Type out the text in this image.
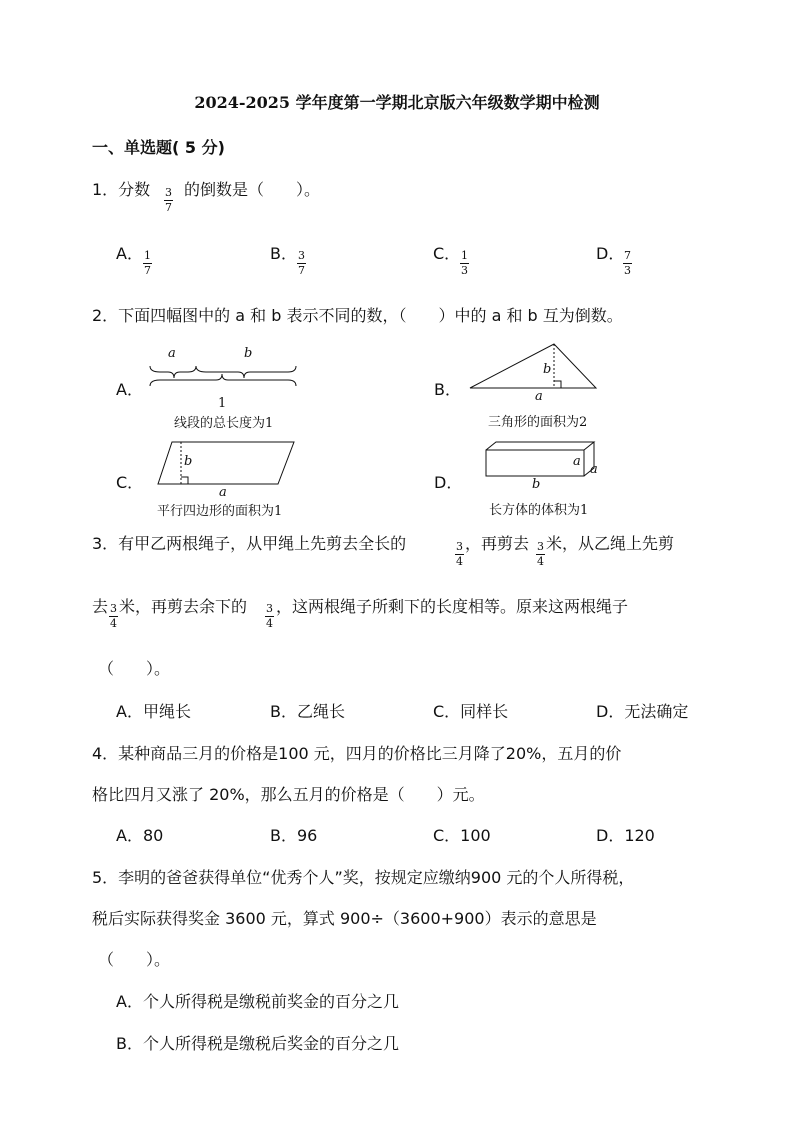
2024-2025 学年度第一学期北京版六年级数学期中检测
一、单选题( 5 分)
1．分数 3
7
的倒数是（　　）。
A． 1
7
B． 3
7
C． 1
3
D． 7
3
2．下面四幅图中的 a 和 b 表示不同的数，（　　）中的 a 和 b 互为倒数。
A．
a	b
1
线段的总长度为1
B．
b
a
三角形的面积为2
C．
b
a
平行四边形的面积为1
D．
a
a
b
长方体的体积为1
3．有甲乙两根绳子，从甲绳上先剪去全长的	3
4
，再剪去 3
4
米，从乙绳上先剪
去 3
4
米，再剪去余下的 3
4
，这两根绳子所剩下的长度相等。原来这两根绳子
（　　）。
A．甲绳长	B．乙绳长	C．同样长	D．无法确定
4．某种商品三月的价格是100 元，四月的价格比三月降了20%，五月的价
格比四月又涨了 20%，那么五月的价格是（　　）元。
A．80	B．96	C．100	D．120
5．李明的爸爸获得单位“优秀个人”奖，按规定应缴纳900 元的个人所得税，
税后实际获得奖金 3600 元，算式 900÷（3600+900）表示的意思是
（　　）。
A．个人所得税是缴税前奖金的百分之几
B．个人所得税是缴税后奖金的百分之几
